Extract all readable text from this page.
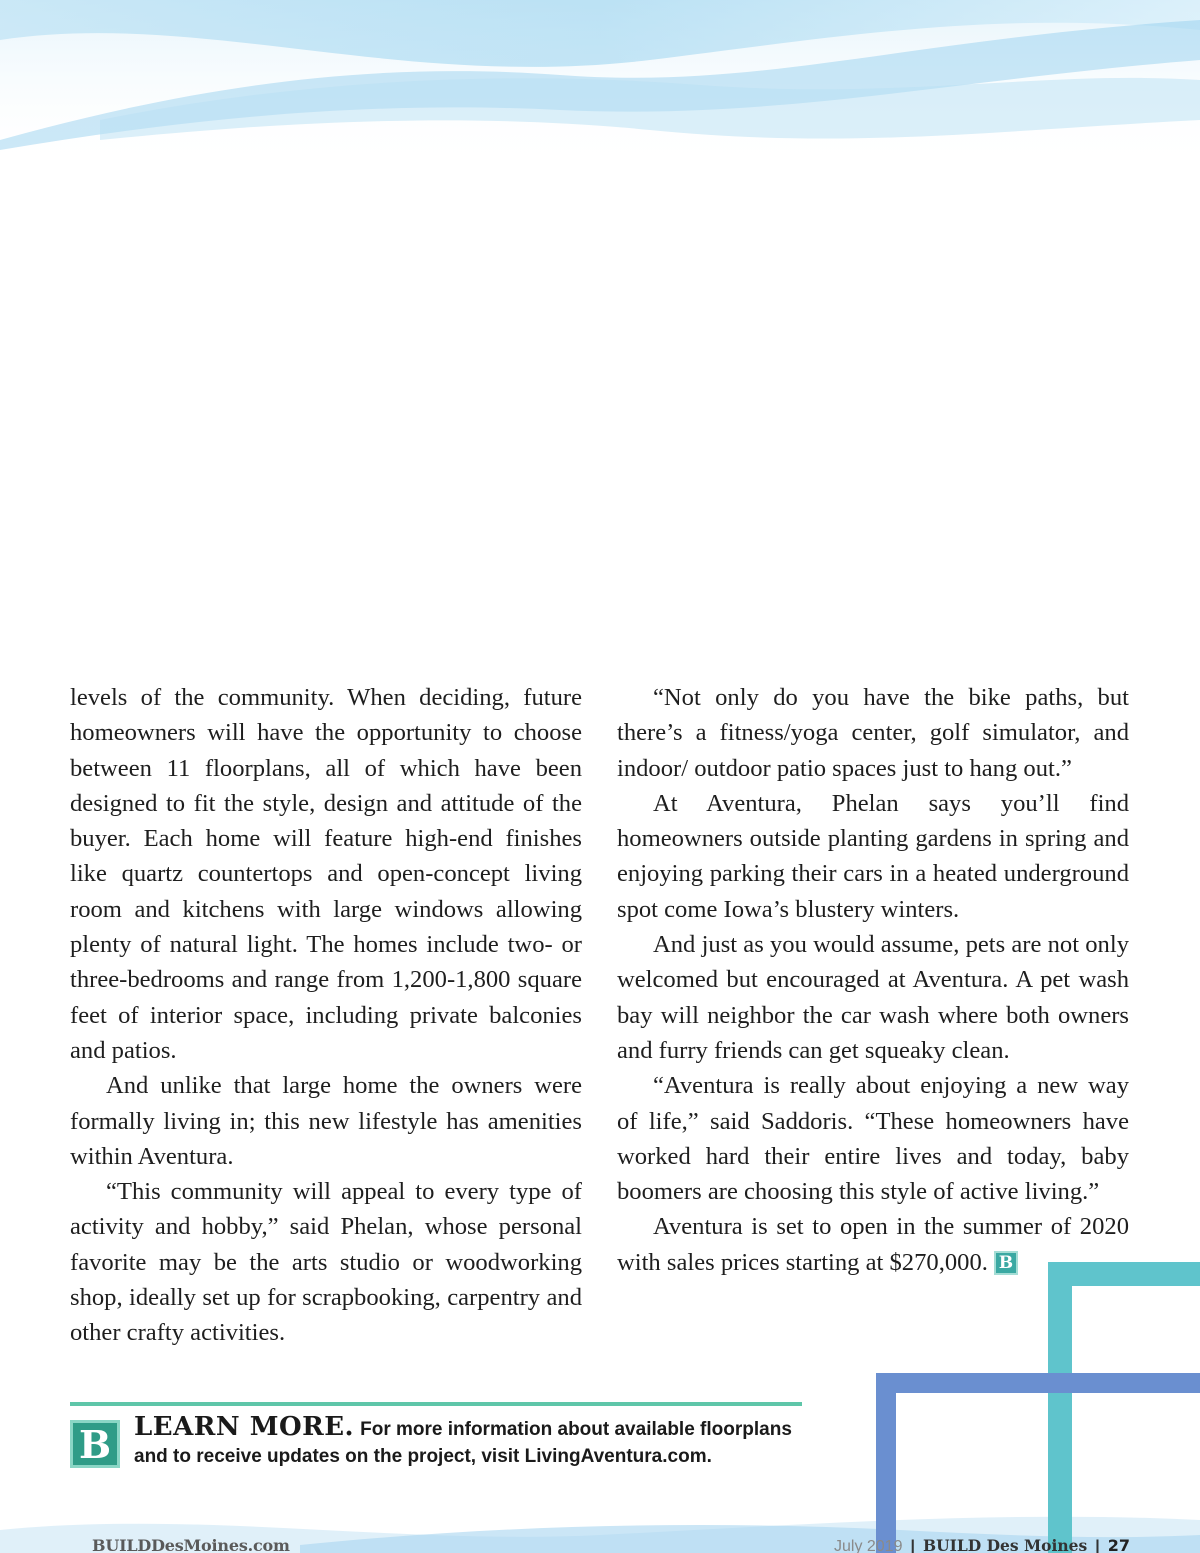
levels of the community. When deciding, future homeowners will have the opportunity to choose between 11 floorplans, all of which have been designed to fit the style, design and attitude of the buyer. Each home will feature high-end finishes like quartz countertops and open-concept living room and kitchens with large windows allowing plenty of natural light. The homes include two- or three-bedrooms and range from 1,200-1,800 square feet of interior space, including private balconies and patios.

And unlike that large home the owners were formally living in; this new lifestyle has amenities within Aventura.

“This community will appeal to every type of activity and hobby,” said Phelan, whose personal favorite may be the arts studio or woodworking shop, ideally set up for scrapbooking, carpentry and other crafty activities.

“Not only do you have the bike paths, but there’s a fitness/yoga center, golf simulator, and indoor/ outdoor patio spaces just to hang out.”

At Aventura, Phelan says you’ll find homeowners outside planting gardens in spring and enjoying parking their cars in a heated underground spot come Iowa’s blustery winters.

And just as you would assume, pets are not only welcomed but encouraged at Aventura. A pet wash bay will neighbor the car wash where both owners and furry friends can get squeaky clean.

“Aventura is really about enjoying a new way of life,” said Saddoris. “These homeowners have worked hard their entire lives and today, baby boomers are choosing this style of active living.”

Aventura is set to open in the summer of 2020 with sales prices starting at $270,000. B

B LEARN MORE. For more information about available floorplans
and to receive updates on the project, visit LivingAventura.com.
BUILDDesMoines.com	July 2019 | BUILD Des Moines | 27
